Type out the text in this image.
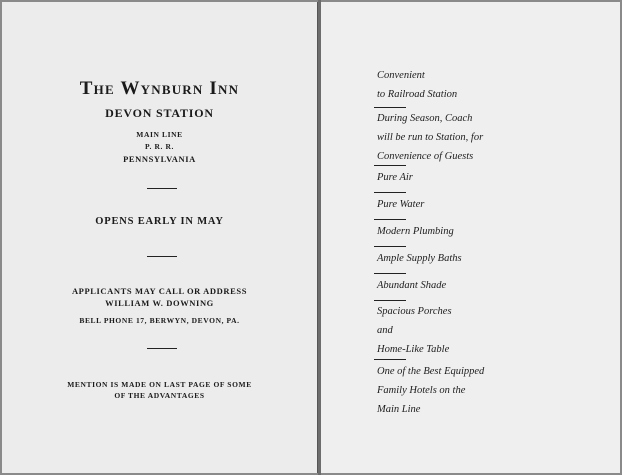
The Wynburn Inn
DEVON STATION
MAIN LINE
P. R. R.
PENNSYLVANIA
OPENS EARLY IN MAY
APPLICANTS MAY CALL OR ADDRESS
WILLIAM W. DOWNING
BELL PHONE 17, BERWYN, DEVON, PA.
MENTION IS MADE ON LAST PAGE OF SOME
OF THE ADVANTAGES
Convenient
to Railroad Station
During Season, Coach
will be run to Station, for
Convenience of Guests
Pure Air
Pure Water
Modern Plumbing
Ample Supply Baths
Abundant Shade
Spacious Porches
and
Home-Like Table
One of the Best Equipped
Family Hotels on the
Main Line
